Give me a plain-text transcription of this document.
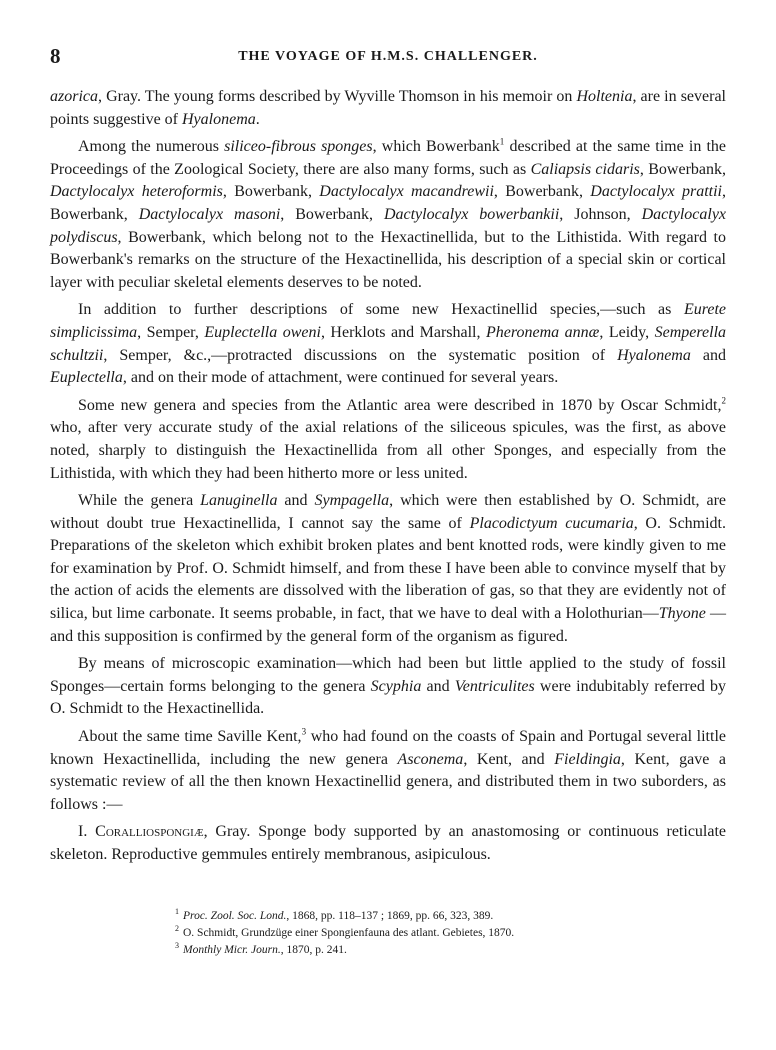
8	THE VOYAGE OF H.M.S. CHALLENGER.

azorica, Gray. The young forms described by Wyville Thomson in his memoir on Holtenia, are in several points suggestive of Hyalonema.

Among the numerous siliceo-fibrous sponges, which Bowerbank$^1$ described at the same time in the Proceedings of the Zoological Society, there are also many forms, such as Caliapsis cidaris, Bowerbank, Dactylocalyx heteroformis, Bowerbank, Dactylocalyx macandrewii, Bowerbank, Dactylocalyx prattii, Bowerbank, Dactylocalyx masoni, Bowerbank, Dactylocalyx bowerbankii, Johnson, Dactylocalyx polydiscus, Bowerbank, which belong not to the Hexactinellida, but to the Lithistida. With regard to Bowerbank's remarks on the structure of the Hexactinellida, his description of a special skin or cortical layer with peculiar skeletal elements deserves to be noted.

In addition to further descriptions of some new Hexactinellid species,—such as Eurete simplicissima, Semper, Euplectella oweni, Herklots and Marshall, Pheronema annæ, Leidy, Semperella schultzii, Semper, &c.,—protracted discussions on the systematic position of Hyalonema and Euplectella, and on their mode of attachment, were continued for several years.

Some new genera and species from the Atlantic area were described in 1870 by Oscar Schmidt,$^2$ who, after very accurate study of the axial relations of the siliceous spicules, was the first, as above noted, sharply to distinguish the Hexactinellida from all other Sponges, and especially from the Lithistida, with which they had been hitherto more or less united.

While the genera Lanuginella and Sympagella, which were then established by O. Schmidt, are without doubt true Hexactinellida, I cannot say the same of Placodictyum cucumaria, O. Schmidt. Preparations of the skeleton which exhibit broken plates and bent knotted rods, were kindly given to me for examination by Prof. O. Schmidt himself, and from these I have been able to convince myself that by the action of acids the elements are dissolved with the liberation of gas, so that they are evidently not of silica, but lime carbonate. It seems probable, in fact, that we have to deal with a Holothurian—Thyone —and this supposition is confirmed by the general form of the organism as figured.

By means of microscopic examination—which had been but little applied to the study of fossil Sponges—certain forms belonging to the genera Scyphia and Ventriculites were indubitably referred by O. Schmidt to the Hexactinellida.

About the same time Saville Kent,$^3$ who had found on the coasts of Spain and Portugal several little known Hexactinellida, including the new genera Asconema, Kent, and Fieldingia, Kent, gave a systematic review of all the then known Hexactinellid genera, and distributed them in two suborders, as follows :—

I. Coralliospongiæ, Gray. Sponge body supported by an anastomosing or continuous reticulate skeleton. Reproductive gemmules entirely membranous, asipiculous.

$^1$ Proc. Zool. Soc. Lond., 1868, pp. 118–137 ; 1869, pp. 66, 323, 389.
$^2$ O. Schmidt, Grundzüge einer Spongienfauna des atlant. Gebietes, 1870.
$^3$ Monthly Micr. Journ., 1870, p. 241.
